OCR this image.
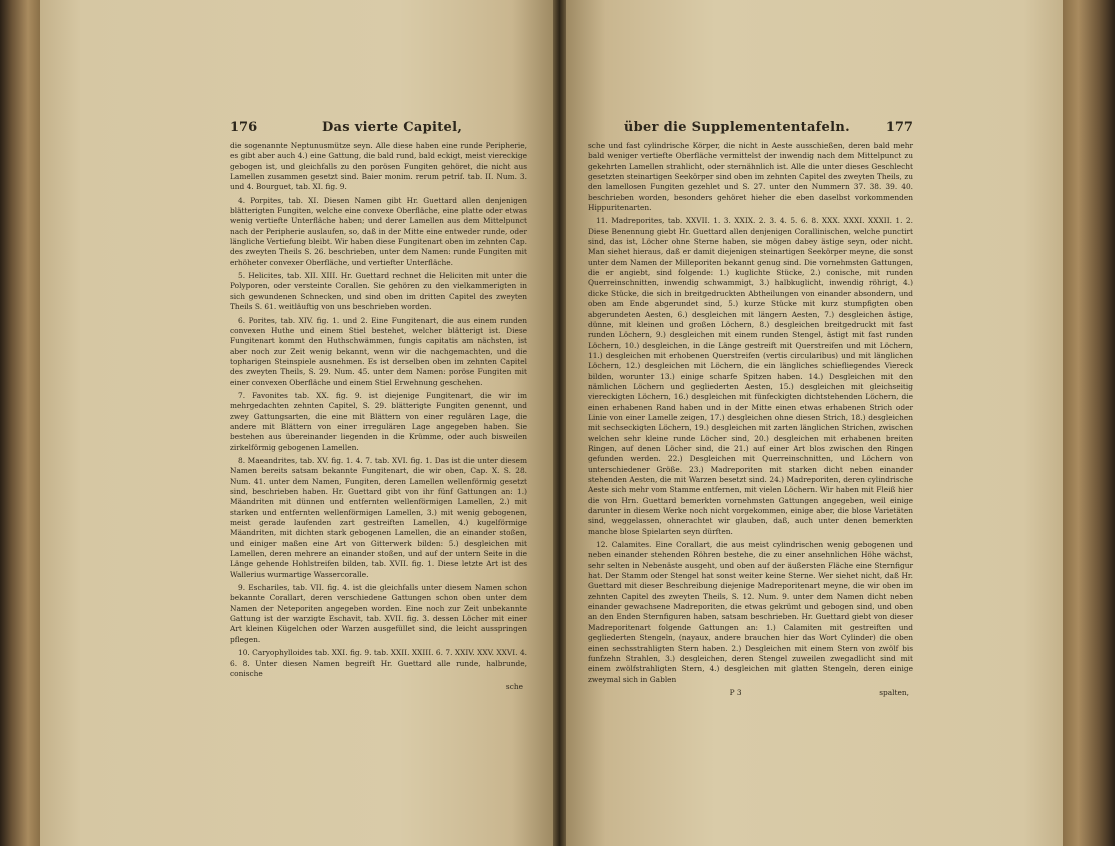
176	Das vierte Capitel,

die sogenannte Neptunusmütze seyn. Alle diese haben eine runde Peripherie, es gibt aber auch 4.) eine Gattung, die bald rund, bald eckigt, meist viereckige gebogen ist, und gleichfalls zu den porösen Fungiten gehöret, die nicht aus Lamellen zusammen gesetzt sind. Baier monim. rerum petrif. tab. II. Num. 3. und 4. Bourguet, tab. XI. fig. 9.

4. Porpites, tab. XI. Diesen Namen gibt Hr. Guettard allen denjenigen blätterigten Fungiten, welche eine convexe Oberfläche, eine platte oder etwas wenig vertiefte Unterfläche haben; und derer Lamellen aus dem Mittelpunct nach der Peripherie auslaufen, so, daß in der Mitte eine entweder runde, oder längliche Vertiefung bleibt. Wir haben diese Fungitenart oben im zehnten Cap. des zweyten Theils S. 26. beschrieben, unter dem Namen: runde Fungiten mit erhöheter convexer Oberfläche, und vertiefter Unterfläche.

5. Helicites, tab. XII. XIII. Hr. Guettard rechnet die Heliciten mit unter die Polyporen, oder versteinte Corallen. Sie gehören zu den vielkammerigten in sich gewundenen Schnecken, und sind oben im dritten Capitel des zweyten Theils S. 61. weitläuftig von uns beschrieben worden.

6. Porites, tab. XIV. fig. 1. und 2. Eine Fungitenart, die aus einem runden convexen Huthe und einem Stiel bestehet, welcher blätterigt ist. Diese Fungitenart kommt den Huthschwämmen, fungis capitatis am nächsten, ist aber noch zur Zeit wenig bekannt, wenn wir die nachgemachten, und die topharigen Steinspiele ausnehmen. Es ist derselben oben im zehnten Capitel des zweyten Theils, S. 29. Num. 45. unter dem Namen: poröse Fungiten mit einer convexen Oberfläche und einem Stiel Erwehnung geschehen.

7. Favonites tab. XX. fig. 9. ist diejenige Fungitenart, die wir im mehrgedachten zehnten Capitel, S. 29. blätterigte Fungiten genennt, und zwey Gattungsarten, die eine mit Blättern von einer regulären Lage, die andere mit Blättern von einer irregulären Lage angegeben haben. Sie bestehen aus übereinander liegenden in die Krümme, oder auch bisweilen zirkelförmig gebogenen Lamellen.

8. Maeandrites, tab. XV. fig. 1. 4. 7. tab. XVI. fig. 1. Das ist die unter diesem Namen bereits satsam bekannte Fungitenart, die wir oben, Cap. X. S. 28. Num. 41. unter dem Namen, Fungiten, deren Lamellen wellenförmig gesetzt sind, beschrieben haben. Hr. Guettard gibt von ihr fünf Gattungen an: 1.) Mäandriten mit dünnen und entfernten wellenförmigen Lamellen, 2.) mit starken und entfernten wellenförmigen Lamellen, 3.) mit wenig gebogenen, meist gerade laufenden zart gestreiften Lamellen, 4.) kugelförmige Mäandriten, mit dichten stark gebogenen Lamellen, die an einander stoßen, und einiger maßen eine Art von Gitterwerk bilden: 5.) desgleichen mit Lamellen, deren mehrere an einander stoßen, und auf der untern Seite in die Länge gehende Hohlstreifen bilden, tab. XVII. fig. 1. Diese letzte Art ist des Wallerius wurmartige Wassercoralle.

9. Eschariles, tab. VII. fig. 4. ist die gleichfalls unter diesem Namen schon bekannte Corallart, deren verschiedene Gattungen schon oben unter dem Namen der Neteporiten angegeben worden. Eine noch zur Zeit unbekannte Gattung ist der warzigte Eschavit, tab. XVII. fig. 3. dessen Löcher mit einer Art kleinen Kügelchen oder Warzen ausgefüllet sind, die leicht ausspringen pflegen.

10. Caryophylloides tab. XXI. fig. 9. tab. XXII. XXIII. 6. 7. XXIV. XXV. XXVI. 4. 6. 8. Unter diesen Namen begreift Hr. Guettard alle runde, halbrunde, conische

sche
über die Supplemententafeln.	177

sche und fast cylindrische Körper, die nicht in Aeste ausschießen, deren bald mehr bald weniger vertiefte Oberfläche vermittelst der inwendig nach dem Mittelpunct zu gekehrten Lamellen strahlicht, oder sternähnlich ist. Alle die unter dieses Geschlecht gesetzten steinartigen Seekörper sind oben im zehnten Capitel des zweyten Theils, zu den lamellosen Fungiten gezehlet und S. 27. unter den Nummern 37. 38. 39. 40. beschrieben worden, besonders gehöret hieher die eben daselbst vorkommenden Hippuritenarten.

11. Madreporites, tab. XXVII. 1. 3. XXIX. 2. 3. 4. 5. 6. 8. XXX. XXXI. XXXII. 1. 2. Diese Benennung giebt Hr. Guettard allen denjenigen Corallinischen, welche punctirt sind, das ist, Löcher ohne Sterne haben, sie mögen dabey ästige seyn, oder nicht. Man siehet hieraus, daß er damit diejenigen steinartigen Seekörper meyne, die sonst unter dem Namen der Milleporiten bekannt genug sind. Die vornehmsten Gattungen, die er angiebt, sind folgende: 1.) kuglichte Stücke, 2.) conische, mit runden Querreinschnitten, inwendig schwammigt, 3.) halbkuglicht, inwendig röhrigt, 4.) dicke Stücke, die sich in breitgedruckten Abtheilungen von einander absondern, und oben am Ende abgerundet sind, 5.) kurze Stücke mit kurz stumpfigten oben abgerundeten Aesten, 6.) desgleichen mit längern Aesten, 7.) desgleichen ästige, dünne, mit kleinen und großen Löchern, 8.) desgleichen breitgedruckt mit fast runden Löchern, 9.) desgleichen mit einem runden Stengel, ästigt mit fast runden Löchern, 10.) desgleichen, in die Länge gestreift mit Querstreifen und mit Löchern, 11.) desgleichen mit erhobenen Querstreifen (vertis circularibus) und mit länglichen Löchern, 12.) desgleichen mit Löchern, die ein längliches schiefliegendes Viereck bilden, worunter 13.) einige scharfe Spitzen haben. 14.) Desgleichen mit den nämlichen Löchern und gegliederten Aesten, 15.) desgleichen mit gleichseitig viereckigten Löchern, 16.) desgleichen mit fünfeckigten dichtstehenden Löchern, die einen erhabenen Rand haben und in der Mitte einen etwas erhabenen Strich oder Linie von einer Lamelle zeigen, 17.) desgleichen ohne diesen Strich, 18.) desgleichen mit sechseckigten Löchern, 19.) desgleichen mit zarten länglichen Strichen, zwischen welchen sehr kleine runde Löcher sind, 20.) desgleichen mit erhabenen breiten Ringen, auf denen Löcher sind, die 21.) auf einer Art blos zwischen den Ringen gefunden werden. 22.) Desgleichen mit Querreinschnitten, und Löchern von unterschiedener Größe. 23.) Madreporiten mit starken dicht neben einander stehenden Aesten, die mit Warzen besetzt sind. 24.) Madreporiten, deren cylindrische Aeste sich mehr vom Stamme entfernen, mit vielen Löchern. Wir haben mit Fleiß hier die von Hrn. Guettard bemerkten vornehmsten Gattungen angegeben, weil einige darunter in diesem Werke noch nicht vorgekommen, einige aber, die blose Varietäten sind, weggelassen, ohnerachtet wir glauben, daß, auch unter denen bemerkten manche blose Spielarten seyn dürften.

12. Calamites. Eine Corallart, die aus meist cylindrischen wenig gebogenen und neben einander stehenden Röhren bestehe, die zu einer ansehnlichen Höhe wächst, sehr selten in Nebenäste ausgeht, und oben auf der äußersten Fläche eine Sternfigur hat. Der Stamm oder Stengel hat sonst weiter keine Sterne. Wer siehet nicht, daß Hr. Guettard mit dieser Beschreibung diejenige Madreporitenart meyne, die wir oben im zehnten Capitel des zweyten Theils, S. 12. Num. 9. unter dem Namen dicht neben einander gewachsene Madreporiten, die etwas gekrümt und gebogen sind, und oben an den Enden Sternfiguren haben, satsam beschrieben. Hr. Guettard giebt von dieser Madreporitenart folgende Gattungen an: 1.) Calamiten mit gestreiften und gegliederten Stengeln, (nayaux, andere brauchen hier das Wort Cylinder) die oben einen sechsstrahligten Stern haben. 2.) Desgleichen mit einem Stern von zwölf bis funfzehn Strahlen, 3.) desgleichen, deren Stengel zuweilen zwegadlicht sind mit einem zwölfstrahligten Stern, 4.) desgleichen mit glatten Stengeln, deren einige zweymal sich in Gablen

P 3	spalten,
